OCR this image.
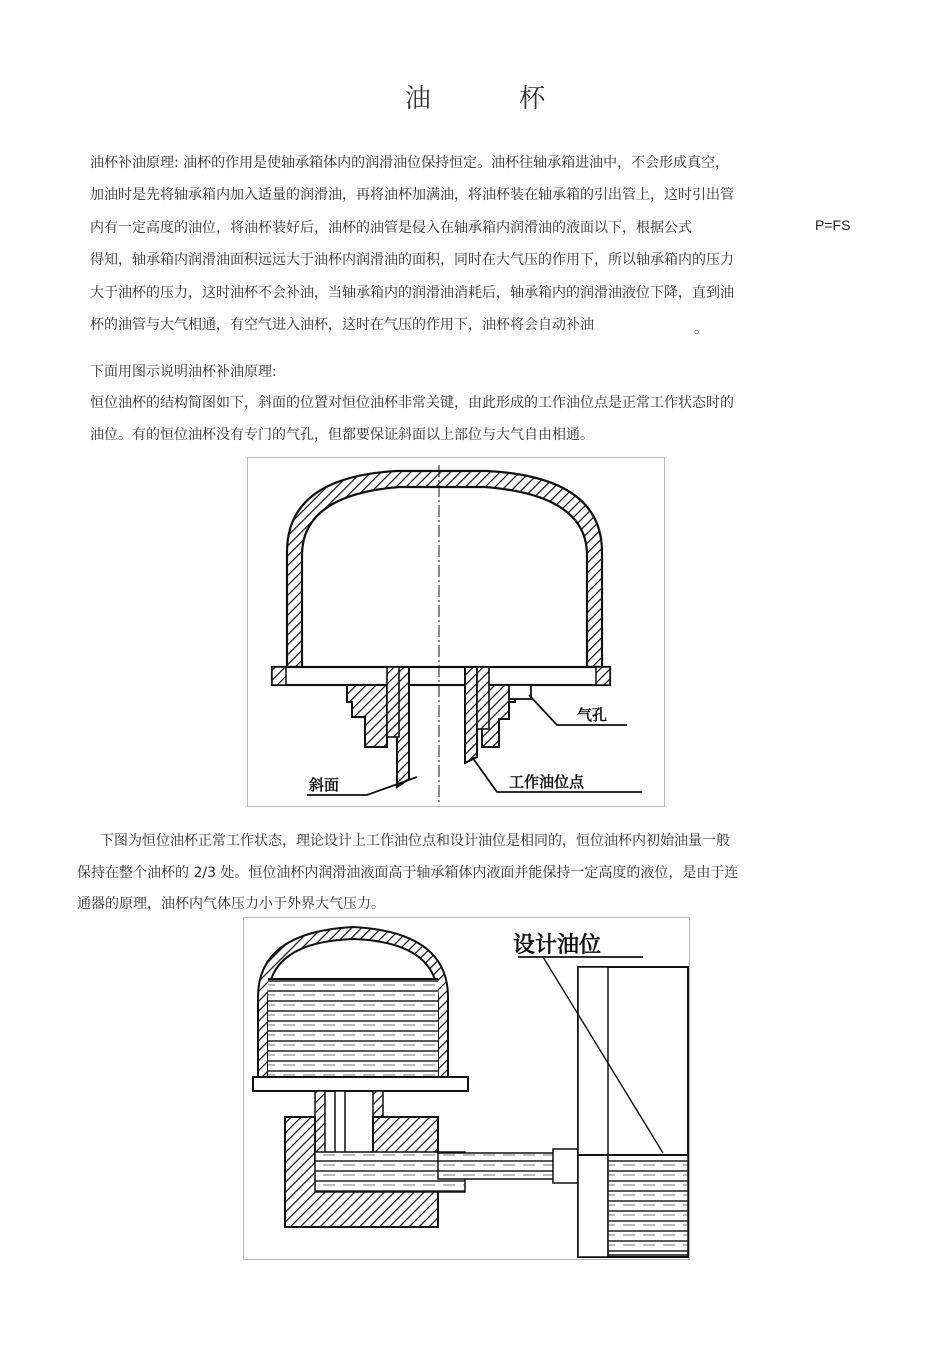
油 杯
油杯补油原理: 油杯的作用是使轴承箱体内的润滑油位保持恒定。油杯往轴承箱进油中，不会形成真空，
加油时是先将轴承箱内加入适量的润滑油，再将油杯加满油，将油杯装在轴承箱的引出管上，这时引出管
内有一定高度的油位，将油杯装好后，油杯的油管是侵入在轴承箱内润滑油的液面以下，根据公式	P=FS
得知，轴承箱内润滑油面积远远大于油杯内润滑油的面积，同时在大气压的作用下，所以轴承箱内的压力
大于油杯的压力，这时油杯不会补油，当轴承箱内的润滑油消耗后，轴承箱内的润滑油液位下降，直到油
杯的油管与大气相通，有空气进入油杯，这时在气压的作用下，油杯将会自动补油	。
下面用图示说明油杯补油原理:
恒位油杯的结构简图如下，斜面的位置对恒位油杯非常关键，由此形成的工作油位点是正常工作状态时的
油位。有的恒位油杯没有专门的气孔，但都要保证斜面以上部位与大气自由相通。
气孔
工作油位点
斜面
下图为恒位油杯正常工作状态，理论设计上工作油位点和设计油位是相同的，恒位油杯内初始油量一般
保持在整个油杯的 2/3 处。恒位油杯内润滑油液面高于轴承箱体内液面并能保持一定高度的液位，是由于连
通器的原理，油杯内气体压力小于外界大气压力。
设计油位
